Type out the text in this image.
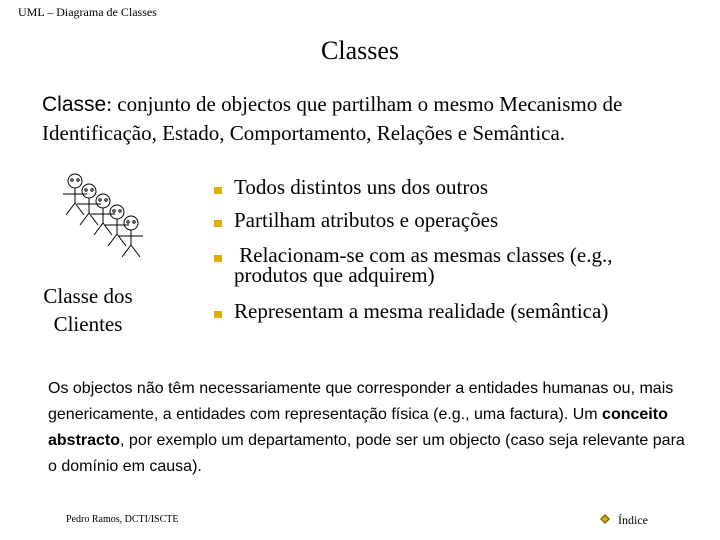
UML – Diagrama de Classes
Classes
Classe: conjunto de objectos que partilham o mesmo Mecanismo de Identificação, Estado, Comportamento, Relações e Semântica.
Classe dos Clientes
Todos distintos uns dos outros
Partilham atributos e operações
Relacionam-se com as mesmas classes (e.g.,
produtos que adquirem)
Representam a mesma realidade (semântica)
Os objectos não têm necessariamente que corresponder a entidades humanas ou, mais genericamente, a entidades com representação física (e.g., uma factura). Um conceito abstracto, por exemplo um departamento, pode ser um objecto (caso seja relevante para o domínio em causa).
Pedro Ramos, DCTI/ISCTE	Índice
